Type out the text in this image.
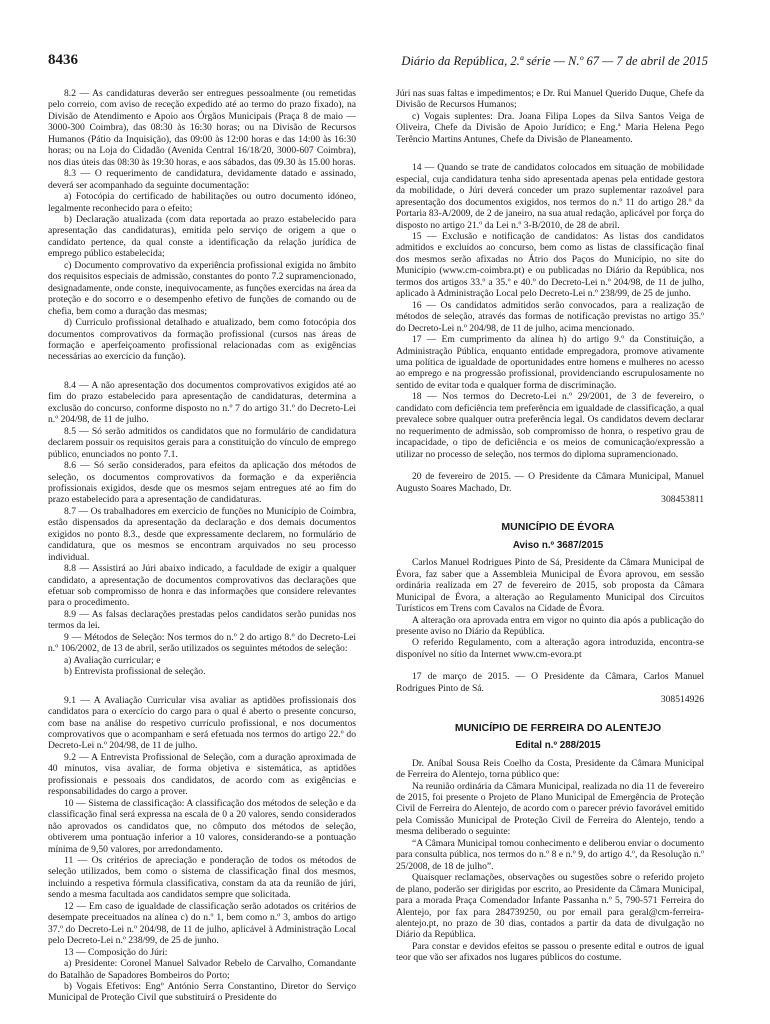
8436	Diário da República, 2.ª série — N.º 67 — 7 de abril de 2015

8.2 — As candidaturas deverão ser entregues pessoalmente (ou remetidas pelo correio, com aviso de receção expedido até ao termo do prazo fixado), na Divisão de Atendimento e Apoio aos Órgãos Municipais (Praça 8 de maio — 3000-300 Coimbra), das 08:30 às 16:30 horas; ou na Divisão de Recursos Humanos (Pátio da Inquisição), das 09:00 às 12:00 horas e das 14:00 às 16:30 horas; ou na Loja do Cidadão (Avenida Central 16/18/20, 3000-607 Coimbra), nos dias úteis das 08:30 às 19:30 horas, e aos sábados, das 09.30 às 15.00 horas.

8.3 — O requerimento de candidatura, devidamente datado e assinado, deverá ser acompanhado da seguinte documentação:

a) Fotocópia do certificado de habilitações ou outro documento idóneo, legalmente reconhecido para o efeito;

b) Declaração atualizada (com data reportada ao prazo estabelecido para apresentação das candidaturas), emitida pelo serviço de origem a que o candidato pertence, da qual conste a identificação da relação jurídica de emprego público estabelecida;

c) Documento comprovativo da experiência profissional exigida no âmbito dos requisitos especiais de admissão, constantes do ponto 7.2 supramencionado, designadamente, onde conste, inequivocamente, as funções exercidas na área da proteção e do socorro e o desempenho efetivo de funções de comando ou de chefia, bem como a duração das mesmas;

d) Curriculo profissional detalhado e atualizado, bem como fotocópia dos documentos comprovativos da formação profissional (cursos nas áreas de formação e aperfeiçoamento profissional relacionadas com as exigências necessárias ao exercício da função).

8.4 — A não apresentação dos documentos comprovativos exigidos até ao fim do prazo estabelecido para apresentação de candidaturas, determina a exclusão do concurso, conforme disposto no n.º 7 do artigo 31.º do Decreto-Lei n.º 204/98, de 11 de julho.

8.5 — Só serão admitidos os candidatos que no formulário de candidatura declarem possuir os requisitos gerais para a constituição do vínculo de emprego público, enunciados no ponto 7.1.

8.6 — Só serão considerados, para efeitos da aplicação dos métodos de seleção, os documentos comprovativos da formação e da experiência profissionais exigidos, desde que os mesmos sejam entregues até ao fim do prazo estabelecido para a apresentação de candidaturas.

8.7 — Os trabalhadores em exercício de funções no Município de Coimbra, estão dispensados da apresentação da declaração e dos demais documentos exigidos no ponto 8.3., desde que expressamente declarem, no formulário de candidatura, que os mesmos se encontram arquivados no seu processo individual.

8.8 — Assistirá ao Júri abaixo indicado, a faculdade de exigir a qualquer candidato, a apresentação de documentos comprovativos das declarações que efetuar sob compromisso de honra e das informações que considere relevantes para o procedimento.

8.9 — As falsas declarações prestadas pelos candidatos serão punidas nos termos da lei.

9 — Métodos de Seleção: Nos termos do n.º 2 do artigo 8.º do Decreto-Lei n.º 106/2002, de 13 de abril, serão utilizados os seguintes métodos de seleção:

a) Avaliação curricular; e

b) Entrevista profissional de seleção.

9.1 — A Avaliação Curricular visa avaliar as aptidões profissionais dos candidatos para o exercício do cargo para o qual é aberto o presente concurso, com base na análise do respetivo currículo profissional, e nos documentos comprovativos que o acompanham e será efetuada nos termos do artigo 22.º do Decreto-Lei n.º 204/98, de 11 de julho.

9.2 — A Entrevista Profissional de Seleção, com a duração aproximada de 40 minutos, visa avaliar, de forma objetiva e sistemática, as aptidões profissionais e pessoais dos candidatos, de acordo com as exigências e responsabilidades do cargo a prover.

10 — Sistema de classificação: A classificação dos métodos de seleção e da classificação final será expressa na escala de 0 a 20 valores, sendo considerados não aprovados os candidatos que, no cômputo dos métodos de seleção, obtiverem uma pontuação inferior a 10 valores, considerando-se a pontuação mínima de 9,50 valores, por arredondamento.

11 — Os critérios de apreciação e ponderação de todos os métodos de seleção utilizados, bem como o sistema de classificação final dos mesmos, incluindo a respetiva fórmula classificativa, constam da ata da reunião de júri, sendo a mesma facultada aos candidatos sempre que solicitada.

12 — Em caso de igualdade de classificação serão adotados os critérios de desempate preceituados na alínea c) do n.º 1, bem como n.º 3, ambos do artigo 37.º do Decreto-Lei n.º 204/98, de 11 de julho, aplicável à Administração Local pelo Decreto-Lei n.º 238/99, de 25 de junho.

13 — Composição do Júri:

a) Presidente: Coronel Manuel Salvador Rebelo de Carvalho, Comandante do Batalhão de Sapadores Bombeiros do Porto;

b) Vogais Efetivos: Engº António Serra Constantino, Diretor do Serviço Municipal de Proteção Civil que substituirá o Presidente do

Júri nas suas faltas e impedimentos; e Dr. Rui Manuel Querido Duque, Chefe da Divisão de Recursos Humanos;

c) Vogais suplentes: Dra. Joana Filipa Lopes da Silva Santos Veiga de Oliveira, Chefe da Divisão de Apoio Jurídico; e Eng.ª Maria Helena Pego Terêncio Martins Antunes, Chefe da Divisão de Planeamento.

14 — Quando se trate de candidatos colocados em situação de mobilidade especial, cuja candidatura tenha sido apresentada apenas pela entidade gestora da mobilidade, o Júri deverá conceder um prazo suplementar razoável para apresentação dos documentos exigidos, nos termos do n.º 11 do artigo 28.º da Portaria 83-A/2009, de 2 de janeiro, na sua atual redação, aplicável por força do disposto no artigo 21.º da Lei n.º 3-B/2010, de 28 de abril.

15 — Exclusão e notificação de candidatos: As listas dos candidatos admitidos e excluídos ao concurso, bem como as listas de classificação final dos mesmos serão afixadas no Átrio dos Paços do Município, no site do Município (www.cm-coimbra.pt) e ou publicadas no Diário da República, nos termos dos artigos 33.º a 35.º e 40.º do Decreto-Lei n.º 204/98, de 11 de julho, aplicado à Administração Local pelo Decreto-Lei n.º 238/99, de 25 de junho.

16 — Os candidatos admitidos serão convocados, para a realização de métodos de seleção, através das formas de notificação previstas no artigo 35.º do Decreto-Lei n.º 204/98, de 11 de julho, acima mencionado.

17 — Em cumprimento da alínea h) do artigo 9.º da Constituição, a Administração Pública, enquanto entidade empregadora, promove ativamente uma política de igualdade de oportunidades entre homens e mulheres no acesso ao emprego e na progressão profissional, providenciando escrupulosamente no sentido de evitar toda e qualquer forma de discriminação.

18 — Nos termos do Decreto-Lei n.º 29/2001, de 3 de fevereiro, o candidato com deficiência tem preferência em igualdade de classificação, a qual prevalece sobre qualquer outra preferência legal. Os candidatos devem declarar no requerimento de admissão, sob compromisso de honra, o respetivo grau de incapacidade, o tipo de deficiência e os meios de comunicação/expressão a utilizar no processo de seleção, nos termos do diploma supramencionado.

20 de fevereiro de 2015. — O Presidente da Câmara Municipal, Manuel Augusto Soares Machado, Dr.

308453811

MUNICÍPIO DE ÉVORA

Aviso n.º 3687/2015

Carlos Manuel Rodrigues Pinto de Sá, Presidente da Câmara Municipal de Évora, faz saber que a Assembleia Municipal de Évora aprovou, em sessão ordinária realizada em 27 de fevereiro de 2015, sob proposta da Câmara Municipal de Évora, a alteração ao Regulamento Municipal dos Circuitos Turísticos em Trens com Cavalos na Cidade de Évora.

A alteração ora aprovada entra em vigor no quinto dia após a publicação do presente aviso no Diário da República.

O referido Regulamento, com a alteração agora introduzida, encontra-se disponível no sítio da Internet www.cm-evora.pt

17 de março de 2015. — O Presidente da Câmara, Carlos Manuel Rodrigues Pinto de Sá.

308514926

MUNICÍPIO DE FERREIRA DO ALENTEJO

Edital n.º 288/2015

Dr. Aníbal Sousa Reis Coelho da Costa, Presidente da Câmara Municipal de Ferreira do Alentejo, torna público que:

Na reunião ordinária da Câmara Municipal, realizada no dia 11 de fevereiro de 2015, foi presente o Projeto de Plano Municipal de Emergência de Proteção Civil de Ferreira do Alentejo, de acordo com o parecer prévio favorável emitido pela Comissão Municipal de Proteção Civil de Ferreira do Alentejo, tendo a mesma deliberado o seguinte:

“A Câmara Municipal tomou conhecimento e deliberou enviar o documento para consulta pública, nos termos do n.º 8 e n.º 9, do artigo 4.º, da Resolução n.º 25/2008, de 18 de julho”.

Quaisquer reclamações, observações ou sugestões sobre o referido projeto de plano, poderão ser dirigidas por escrito, ao Presidente da Câmara Municipal, para a morada Praça Comendador Infante Passanha n.º 5, 790-571 Ferreira do Alentejo, por fax para 284739250, ou por email para geral@cm-ferreira-alentejo.pt, no prazo de 30 dias, contados a partir da data de divulgação no Diário da República.

Para constar e devidos efeitos se passou o presente edital e outros de igual teor que vão ser afixados nos lugares públicos do costume.
